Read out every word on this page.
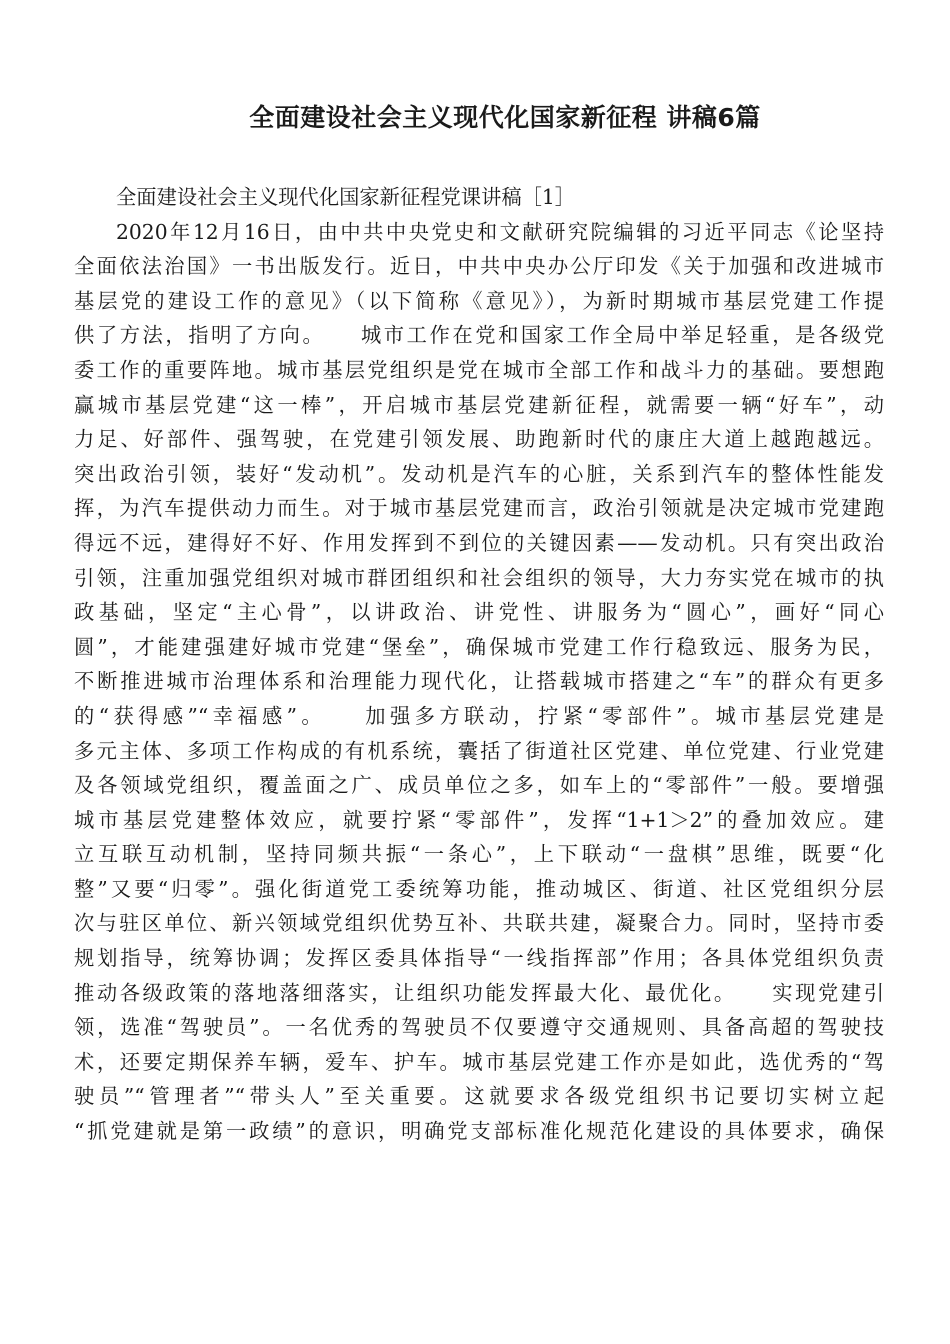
全面建设社会主义现代化国家新征程 讲稿6篇
全面建设社会主义现代化国家新征程党课讲稿［1］
2020年12月16日，由中共中央党史和文献研究院编辑的习近平同志《论坚持
全面依法治国》一书出版发行。近日，中共中央办公厅印发《关于加强和改进城市
基层党的建设工作的意见》（以下简称《意见》），为新时期城市基层党建工作提
供了方法，指明了方向。　　城市工作在党和国家工作全局中举足轻重，是各级党
委工作的重要阵地。城市基层党组织是党在城市全部工作和战斗力的基础。要想跑
赢城市基层党建“这一棒”，开启城市基层党建新征程，就需要一辆“好车”，动
力足、好部件、强驾驶，在党建引领发展、助跑新时代的康庄大道上越跑越远。
突出政治引领，装好“发动机”。发动机是汽车的心脏，关系到汽车的整体性能发
挥，为汽车提供动力而生。对于城市基层党建而言，政治引领就是决定城市党建跑
得远不远，建得好不好、作用发挥到不到位的关键因素——发动机。只有突出政治
引领，注重加强党组织对城市群团组织和社会组织的领导，大力夯实党在城市的执
政基础，坚定“主心骨”，以讲政治、讲党性、讲服务为“圆心”，画好“同心
圆”，才能建强建好城市党建“堡垒”，确保城市党建工作行稳致远、服务为民，
不断推进城市治理体系和治理能力现代化，让搭载城市搭建之“车”的群众有更多
的“获得感”“幸福感”。　　加强多方联动，拧紧“零部件”。城市基层党建是
多元主体、多项工作构成的有机系统，囊括了街道社区党建、单位党建、行业党建
及各领域党组织，覆盖面之广、成员单位之多，如车上的“零部件”一般。要增强
城市基层党建整体效应，就要拧紧“零部件”，发挥“1+1＞2”的叠加效应。建
立互联互动机制，坚持同频共振“一条心”，上下联动“一盘棋”思维，既要“化
整”又要“归零”。强化街道党工委统筹功能，推动城区、街道、社区党组织分层
次与驻区单位、新兴领域党组织优势互补、共联共建，凝聚合力。同时，坚持市委
规划指导，统筹协调；发挥区委具体指导“一线指挥部”作用；各具体党组织负责
推动各级政策的落地落细落实，让组织功能发挥最大化、最优化。　　实现党建引
领，选准“驾驶员”。一名优秀的驾驶员不仅要遵守交通规则、具备高超的驾驶技
术，还要定期保养车辆，爱车、护车。城市基层党建工作亦是如此，选优秀的“驾
驶员”“管理者”“带头人”至关重要。这就要求各级党组织书记要切实树立起
“抓党建就是第一政绩”的意识，明确党支部标准化规范化建设的具体要求，确保
